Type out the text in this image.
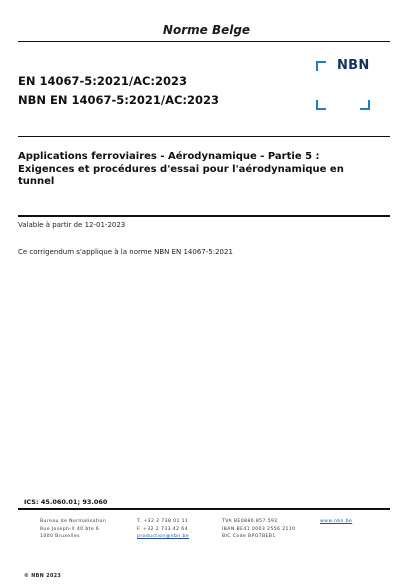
Norme Belge
EN 14067-5:2021/AC:2023
NBN EN 14067-5:2021/AC:2023
NBN
Applications ferroviaires - Aérodynamique - Partie 5 : Exigences et procédures d'essai pour l'aérodynamique en tunnel
Valable à partir de 12-01-2023
Ce corrigendum s'applique à la norme NBN EN 14067-5:2021
ICS: 45.060.01; 93.060
Bureau de Normalisation
Rue Joseph-II 40 bte 6
1000 Bruxelles
T. +32 2 738 01 11
F. +32 2 733 42 64
production@nbn.be
TVA BE0880.857.592
IBAN BE41 0003 2556 2110
BIC Code BPOTBEB1
www.nbn.be
© NBN 2023
